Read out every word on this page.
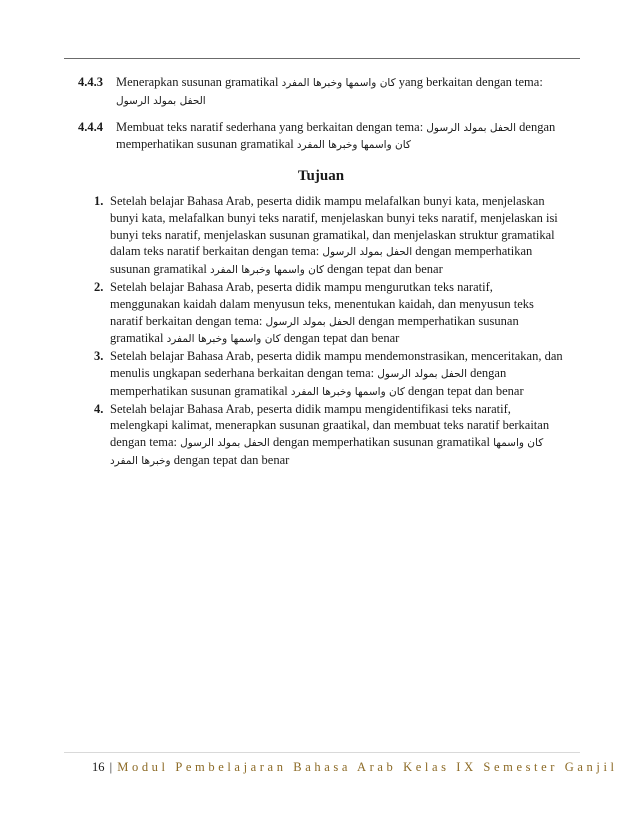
4.4.3	Menerapkan susunan gramatikal كان واسمها وخبرها المفرد yang berkaitan dengan tema: الحفل بمولد الرسول
4.4.4	Membuat teks naratif sederhana yang berkaitan dengan tema: الحفل بمولد الرسول dengan memperhatikan susunan gramatikal كان واسمها وخبرها المفرد
Tujuan
1. Setelah belajar Bahasa Arab, peserta didik mampu melafalkan bunyi kata, menjelaskan bunyi kata, melafalkan bunyi teks naratif, menjelaskan bunyi teks naratif, menjelaskan isi bunyi teks naratif, menjelaskan susunan gramatikal, dan menjelaskan struktur gramatikal dalam teks naratif berkaitan dengan tema: الحفل بمولد الرسول dengan memperhatikan susunan gramatikal كان واسمها وخبرها المفرد dengan tepat dan benar
2. Setelah belajar Bahasa Arab, peserta didik mampu mengurutkan teks naratif, menggunakan kaidah dalam menyusun teks, menentukan kaidah, dan menyusun teks naratif berkaitan dengan tema: الحفل بمولد الرسول dengan memperhatikan susunan gramatikal كان واسمها وخبرها المفرد dengan tepat dan benar
3. Setelah belajar Bahasa Arab, peserta didik mampu mendemonstrasikan, menceritakan, dan menulis ungkapan sederhana berkaitan dengan tema: الحفل بمولد الرسول dengan memperhatikan susunan gramatikal كان واسمها وخبرها المفرد dengan tepat dan benar
4. Setelah belajar Bahasa Arab, peserta didik mampu mengidentifikasi teks naratif, melengkapi kalimat, menerapkan susunan graatikal, dan membuat teks naratif berkaitan dengan tema: الحفل بمولد الرسول dengan memperhatikan susunan gramatikal كان واسمها وخبرها المفرد dengan tepat dan benar
16 | Modul Pembelajaran Bahasa Arab Kelas IX Semester Ganjil
